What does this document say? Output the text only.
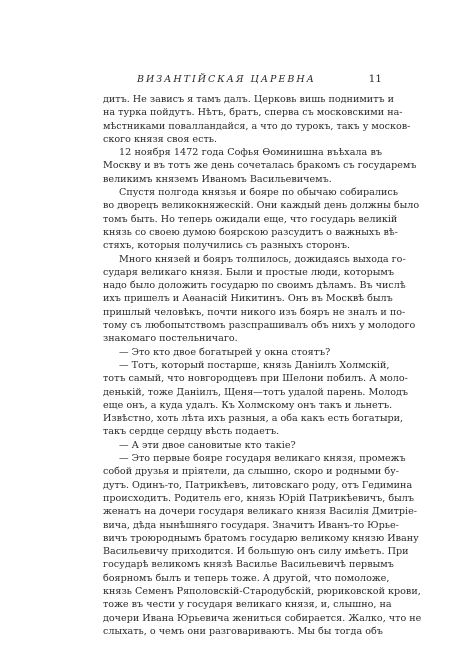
ВИЗАНТІЙСКАЯ ЦАРЕВНА	11
дитъ. Не зависъ я тамъ далъ. Церковь вишь поднимитъ и
на турка пойдутъ. Нѣтъ, братъ, сперва съ московскими на-
мѣстниками повалландайся, а что до турокъ, такъ у москов-
ского князя своя есть.
12 ноября 1472 года Софья Ѳоминишна въѣхала въ
Москву и въ тотъ же день сочеталась бракомъ съ государемъ
великимъ княземъ Иваномъ Васильевичемъ.
Спустя полгода князья и бояре по обычаю собирались
во дворецъ великокняжескій. Они каждый день должны было
томъ быть. Но теперь ожидали еще, что государь великій
князь со своею думою боярскою разсудитъ о важныхъ вѣ-
стяхъ, которыя получились съ разныхъ сторонъ.
Много князей и бояръ толпилось, дожидаясь выхода го-
сударя великаго князя. Были и простые люди, которымъ
надо было доложить государю по своимъ дѣламъ. Въ числѣ
ихъ пришелъ и Аѳанасій Никитинъ. Онъ въ Москвѣ былъ
пришлый человѣкъ, почти никого изъ бояръ не зналъ и по-
тому съ любопытствомъ разспрашивалъ объ нихъ у молодого
знакомаго постельничаго.
— Это кто двое богатырей у окна стоятъ?
— Тотъ, который постарше, князь Даніилъ Холмскій,
тотъ самый, что новгородцевъ при Шелони побилъ. А моло-
денькій, тоже Даніилъ, Щеня—тотъ удалой парень. Молодъ
еще онъ, а куда удалъ. Къ Холмскому онъ такъ и льнетъ.
Извѣстно, хоть лѣта ихъ разныя, а оба какъ есть богатыри,
такъ сердце сердцу вѣсть подаетъ.
— А эти двое сановитые кто такіе?
— Это первые бояре государя великаго князя, промежъ
собой друзья и пріятели, да слышно, скоро и родными бу-
дутъ. Одинъ-то, Патрикѣевъ, литовскаго роду, отъ Гедимина
происходитъ. Родитель его, князь Юрій Патрикѣевичъ, былъ
женатъ на дочери государя великаго князя Василія Дмитріе-
вича, дѣда нынѣшняго государя. Значитъ Иванъ-то Юрье-
вичъ троюроднымъ братомъ государю великому князю Ивану
Васильевичу приходится. И большую онъ силу имѣетъ. При
государѣ великомъ князѣ Василье Васильевичѣ первымъ
боярномъ былъ и теперь тоже. А другой, что помоложе,
князь Семенъ Ряполовскій-Стародубскій, рюриковской крови,
тоже въ чести у государя великаго князя, и, слышно, на
дочери Ивана Юрьевича жениться собирается. Жалко, что не
слыхать, о чемъ они разговариваютъ. Мы бы тогда объ
